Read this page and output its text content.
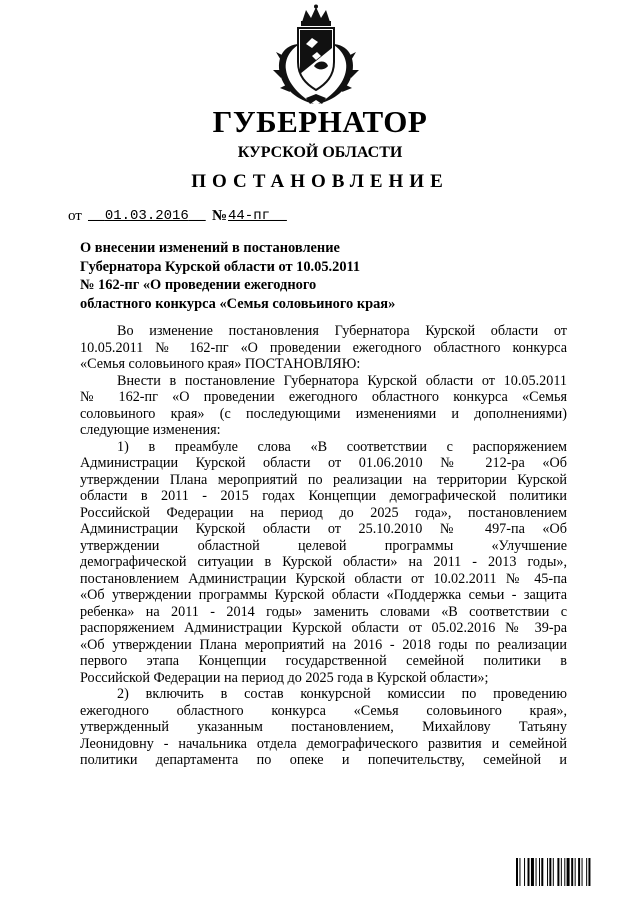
ГУБЕРНАТОР
КУРСКОЙ ОБЛАСТИ
ПОСТАНОВЛЕНИЕ
от __01.03.2016__ № 44-пг__
О внесении изменений в постановление
Губернатора Курской области от 10.05.2011
№ 162-пг «О проведении ежегодного
областного конкурса «Семья соловьиного края»
Во изменение постановления Губернатора Курской области от
10.05.2011 № 162-пг «О проведении ежегодного областного конкурса
«Семья соловьиного края» ПОСТАНОВЛЯЮ:
Внести в постановление Губернатора Курской области от 10.05.2011
№ 162-пг «О проведении ежегодного областного конкурса «Семья
соловьиного края» (с последующими изменениями и дополнениями)
следующие изменения:
1) в преамбуле слова «В соответствии с распоряжением
Администрации Курской области от 01.06.2010 № 212-ра «Об
утверждении Плана мероприятий по реализации на территории Курской
области в 2011 - 2015 годах Концепции демографической политики
Российской Федерации на период до 2025 года», постановлением
Администрации Курской области от 25.10.2010 № 497-па «Об
утверждении областной целевой программы «Улучшение
демографической ситуации в Курской области» на 2011 - 2013 годы»,
постановлением Администрации Курской области от 10.02.2011 № 45-па
«Об утверждении программы Курской области «Поддержка семьи - защита
ребенка» на 2011 - 2014 годы» заменить словами «В соответствии с
распоряжением Администрации Курской области от 05.02.2016 № 39-ра
«Об утверждении Плана мероприятий на 2016 - 2018 годы по реализации
первого этапа Концепции государственной семейной политики в
Российской Федерации на период до 2025 года в Курской области»;
2) включить в состав конкурсной комиссии по проведению
ежегодного областного конкурса «Семья соловьиного края»,
утвержденный указанным постановлением, Михайлову Татьяну
Леонидовну - начальника отдела демографического развития и семейной
политики департамента по опеке и попечительству, семейной и
